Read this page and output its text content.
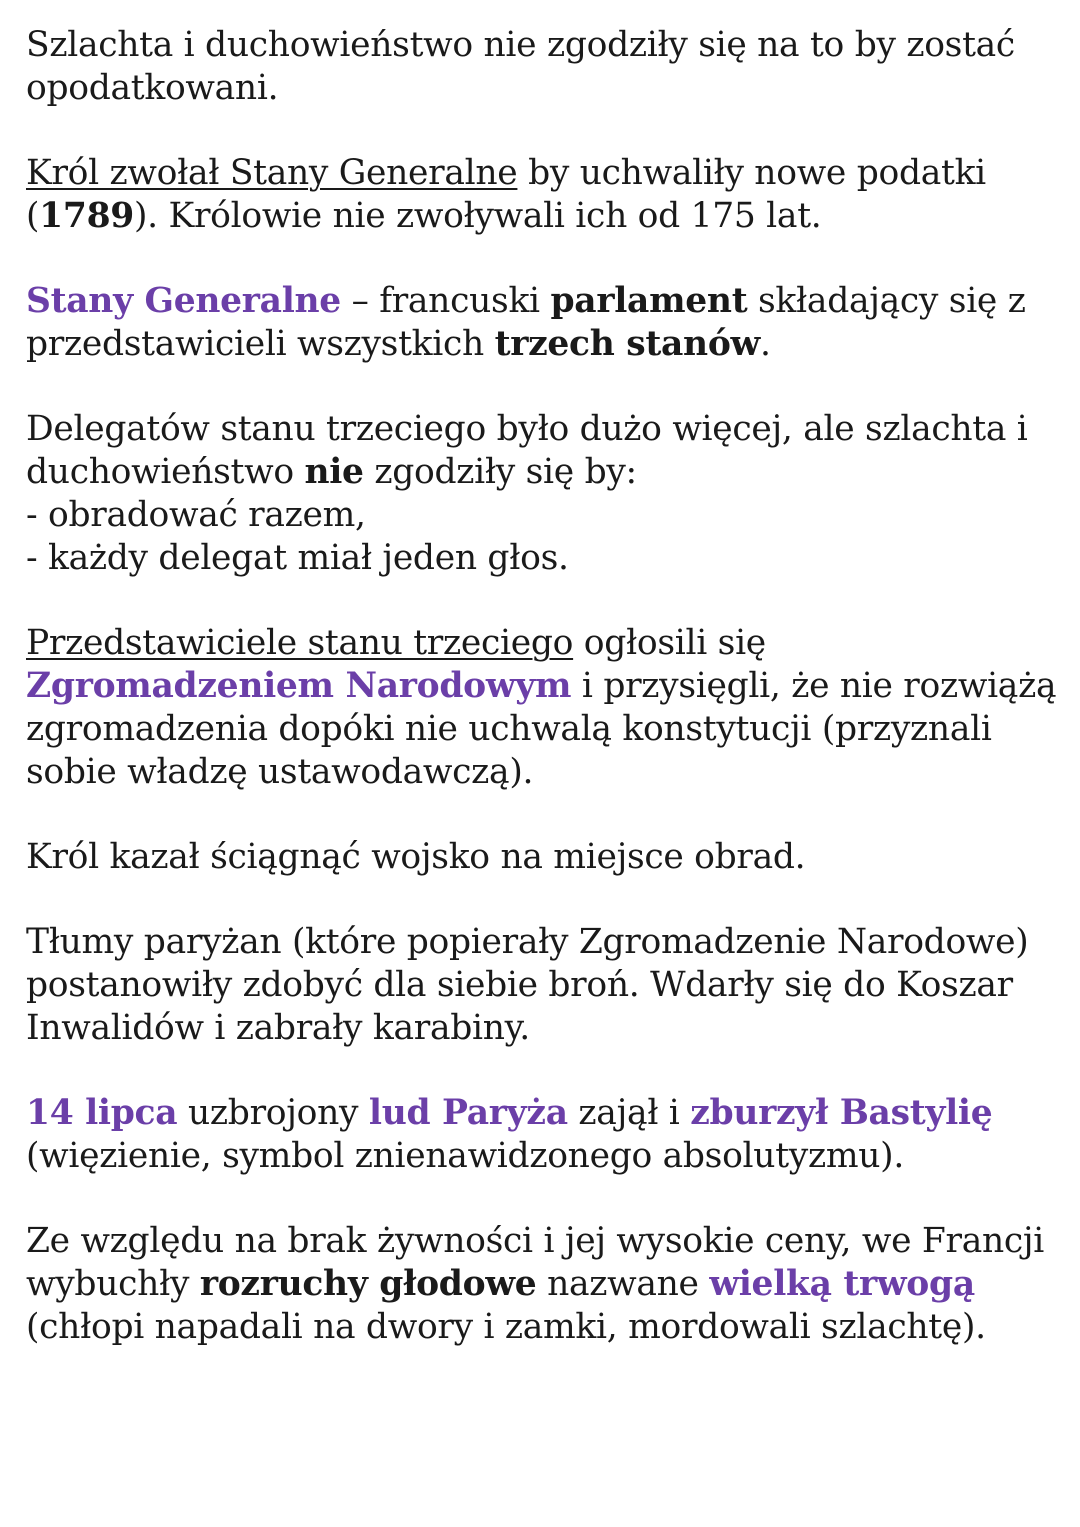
Szlachta i duchowieństwo nie zgodziły się na to by zostać opodatkowani.

Król zwołał Stany Generalne by uchwaliły nowe podatki (1789). Królowie nie zwoływali ich od 175 lat.

Stany Generalne – francuski parlament składający się z przedstawicieli wszystkich trzech stanów.

Delegatów stanu trzeciego było dużo więcej, ale szlachta i duchowieństwo nie zgodziły się by:
- obradować razem,
- każdy delegat miał jeden głos.

Przedstawiciele stanu trzeciego ogłosili się Zgromadzeniem Narodowym i przysięgli, że nie rozwiążą zgromadzenia dopóki nie uchwalą konstytucji (przyznali sobie władzę ustawodawczą).

Król kazał ściągnąć wojsko na miejsce obrad.

Tłumy paryżan (które popierały Zgromadzenie Narodowe) postanowiły zdobyć dla siebie broń. Wdarły się do Koszar Inwalidów i zabrały karabiny.

14 lipca uzbrojony lud Paryża zajął i zburzył Bastylię (więzienie, symbol znienawidzonego absolutyzmu).

Ze względu na brak żywności i jej wysokie ceny, we Francji wybuchły rozruchy głodowe nazwane wielką trwogą (chłopi napadali na dwory i zamki, mordowali szlachtę).
